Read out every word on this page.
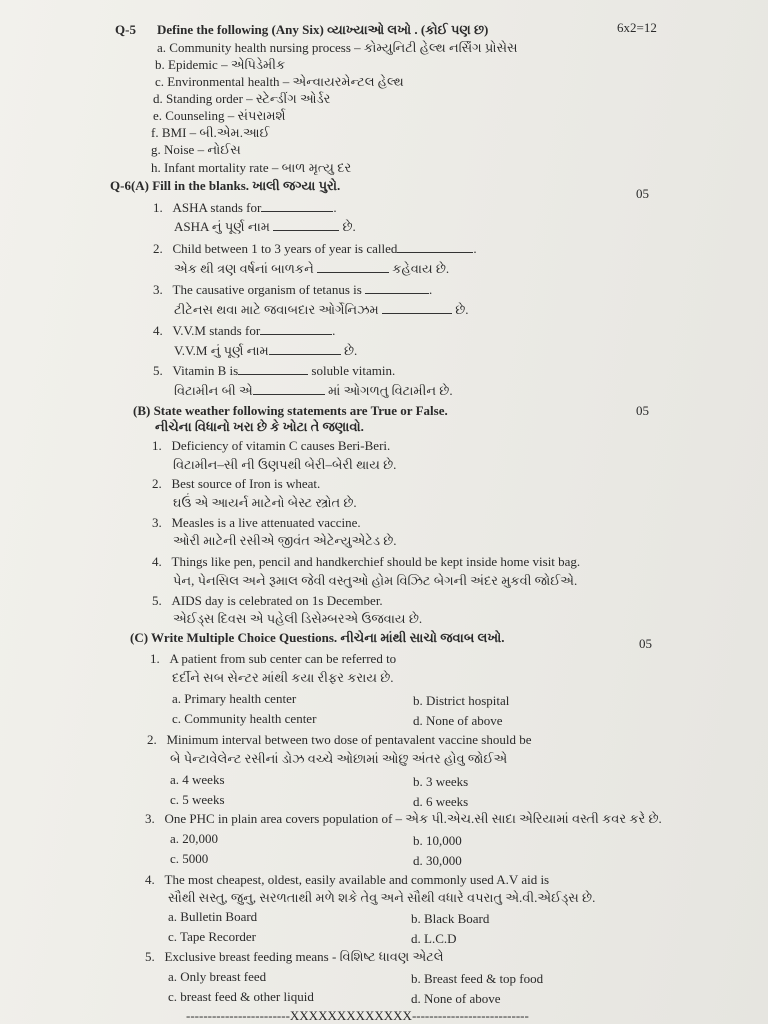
Q-5 Define the following (Any Six) વ્યાખ્યાઓ લખો . (કોઈ પણ છ)	6x2=12
a. Community health nursing process – કોમ્યુનિટી હેલ્થ નર્સિંગ પ્રોસેસ
b. Epidemic – એપિડેમીક
c. Environmental health – એન્વાયરમેન્ટલ હેલ્થ
d. Standing order – સ્ટેન્ડીંગ ઓર્ડર
e. Counseling – સંપરામર્શ
f. BMI – બી.એમ.આઈ
g. Noise – નોઈસ
h. Infant mortality rate – બાળ મૃત્યુ દર
Q-6(A) Fill in the blanks. ખાલી જગ્યા પુરો.
05
1. ASHA stands for	.
ASHA નું પૂર્ણ નામ	છે.
2. Child between 1 to 3 years of year is called	.
એક થી ત્રણ વર્ષનાં બાળકને	કહેવાય છે.
3. The causative organism of tetanus is	.
ટીટેનસ થવા માટે જવાબદાર ઓર્ગેનિઝમ	છે.
4. V.V.M stands for	.
V.V.M નું પૂર્ણ નામ	છે.
5. Vitamin B is	soluble vitamin.
વિટામીન બી એ	માં ઓગળતુ વિટામીન છે.
(B) State weather following statements are True or False.	05
નીચેના વિધાનો ખરા છે કે ખોટા તે જણાવો.
1. Deficiency of vitamin C causes Beri-Beri.
વિટામીન–સી ની ઉણપથી બેરી–બેરી થાય છે.
2. Best source of Iron is wheat.
ઘઉં એ આયર્ન માટેનો બેસ્ટ સ્ત્રોત છે.
3. Measles is a live attenuated vaccine.
ઓરી માટેની રસીએ જીવંત એટેન્યુએટેડ છે.
4. Things like pen, pencil and handkerchief should be kept inside home visit bag.
પેન, પેનસિલ અને રૂમાલ જેવી વસ્તુઓ હોમ વિઝિટ બેગની અંદર મુકવી જોઈએ.
5. AIDS day is celebrated on 1s December.
એઈડ્સ દિવસ એ પહેલી ડિસેમ્બરએ ઉજવાય છે.
(C) Write Multiple Choice Questions. નીચેના માંથી સાચો જવાબ લખો.	05
1. A patient from sub center can be referred to
દર્દીને સબ સેન્ટર માંથી કયા રીફર કરાય છે.
a. Primary health center	b. District hospital
c. Community health center	d. None of above
2. Minimum interval between two dose of pentavalent vaccine should be
બે પેન્ટાવેલેન્ટ રસીનાં ડોઝ વચ્ચે ઓછામાં ઓછુ અંતર હોવુ જોઈએ
a. 4 weeks	b. 3 weeks
c. 5 weeks	d. 6 weeks
3. One PHC in plain area covers population of – એક પી.એચ.સી સાદા એરિયામાં વસ્તી કવર કરે છે.
a. 20,000	b. 10,000
c. 5000	d. 30,000
4. The most cheapest, oldest, easily available and commonly used A.V aid is
સૌથી સસ્તુ, જુનુ, સરળતાથી મળે શકે તેવુ અને સૌથી વધારે વપરાતુ એ.વી.એઈડ્સ છે.
a. Bulletin Board	b. Black Board
c. Tape Recorder	d. L.C.D
5. Exclusive breast feeding means - વિશિષ્ટ ધાવણ એટલે
a. Only breast feed	b. Breast feed & top food
c. breast feed & other liquid	d. None of above
------------------------XXXXXXXXXXXXX---------------------------
